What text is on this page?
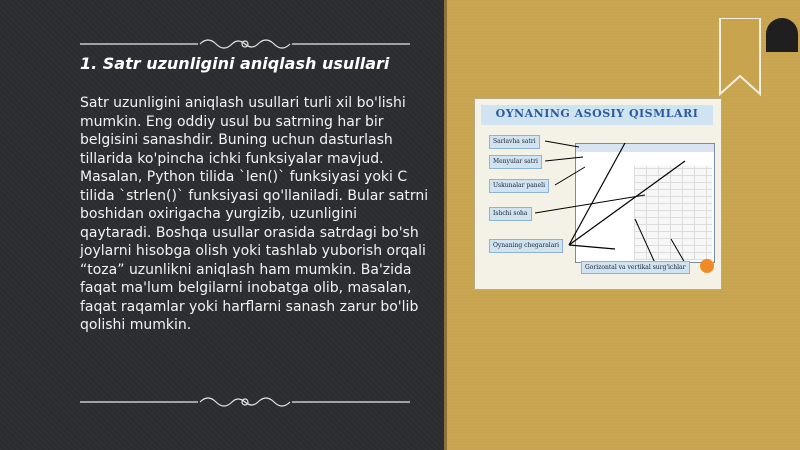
1. Satr uzunligini aniqlash usullari

Satr uzunligini aniqlash usullari turli xil bo'lishi mumkin. Eng oddiy usul bu satrning har bir belgisini sanashdir. Buning uchun dasturlash tillarida ko'pincha ichki funksiyalar mavjud. Masalan, Python tilida `len()` funksiyasi yoki C tilida `strlen()` funksiyasi qo'llaniladi. Bular satrni boshidan oxirigacha yurgizib, uzunligini qaytaradi. Boshqa usullar orasida satrdagi bo'sh joylarni hisobga olish yoki tashlab yuborish orqali “toza” uzunlikni aniqlash ham mumkin. Ba'zida faqat ma'lum belgilarni inobatga olib, masalan, faqat raqamlar yoki harflarni sanash zarur bo'lib qolishi mumkin.

OYNANING ASOSIY QISMLARI
Sarlavha satri
Menyular satri
Uskunalar paneli
Ishchi soha
Oynaning chegaralari
Gorizontal va vertikal surg'ichlar
